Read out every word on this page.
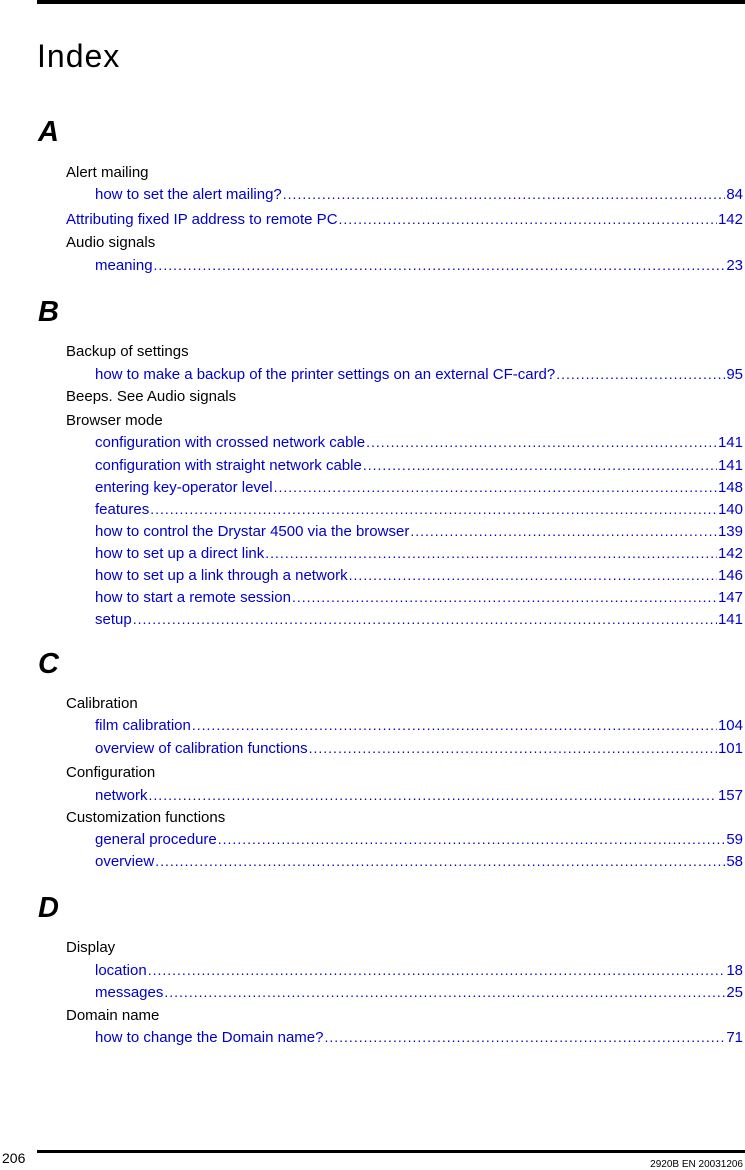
Index
A
Alert mailing
how to set the alert mailing? .....	84
Attributing fixed IP address to remote PC .....	142
Audio signals
meaning .....	23
B
Backup of settings
how to make a backup of the printer settings on an external CF-card? .....	95
Beeps. See Audio signals
Browser mode
configuration with crossed network cable .....	141
configuration with straight network cable .....	141
entering key-operator level .....	148
features .....	140
how to control the Drystar 4500 via the browser .....	139
how to set up a direct link .....	142
how to set up a link through a network .....	146
how to start a remote session .....	147
setup .....	141
C
Calibration
film calibration .....	104
overview of calibration functions .....	101
Configuration
network .....	157
Customization functions
general procedure .....	59
overview .....	58
D
Display
location .....	18
messages .....	25
Domain name
how to change the Domain name? .....	71
206	2920B EN 20031206
